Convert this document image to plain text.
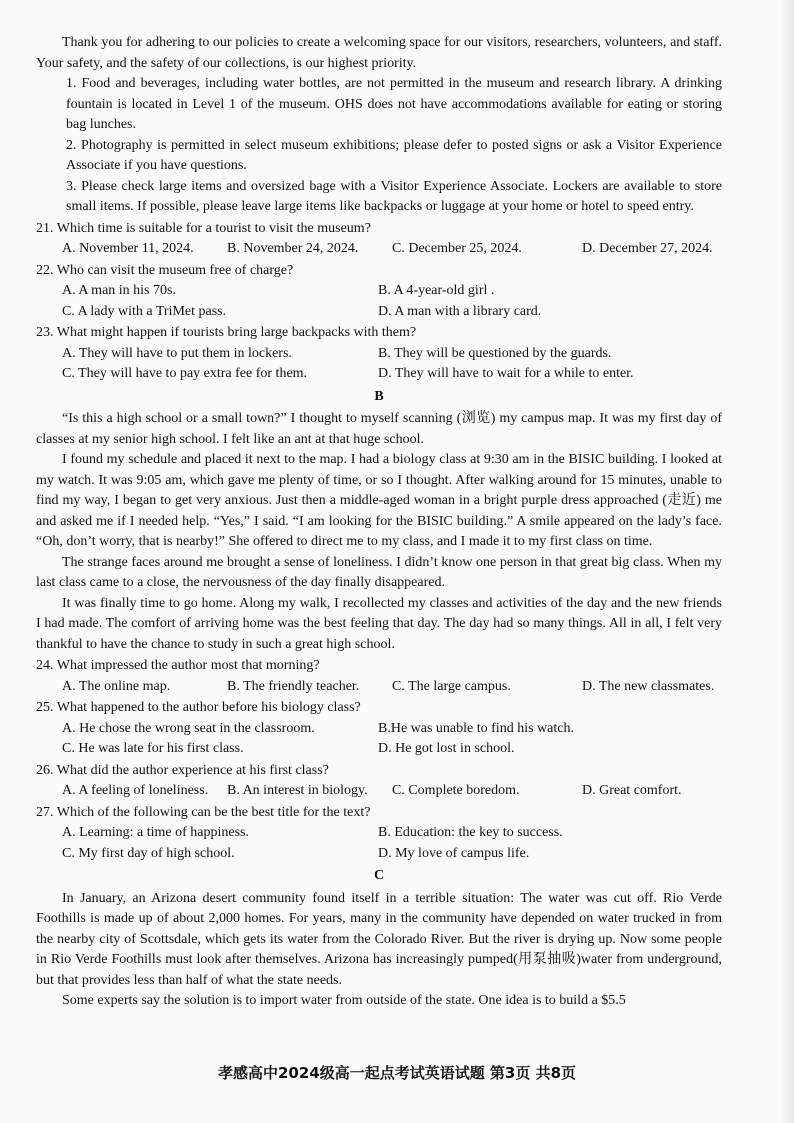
Thank you for adhering to our policies to create a welcoming space for our visitors, researchers, volunteers, and staff. Your safety, and the safety of our collections, is our highest priority.

1. Food and beverages, including water bottles, are not permitted in the museum and research library. A drinking fountain is located in Level 1 of the museum. OHS does not have accommodations available for eating or storing bag lunches.

2. Photography is permitted in select museum exhibitions; please defer to posted signs or ask a Visitor Experience Associate if you have questions.

3. Please check large items and oversized bage with a Visitor Experience Associate. Lockers are available to store small items. If possible, please leave large items like backpacks or luggage at your home or hotel to speed entry.

21. Which time is suitable for a tourist to visit the museum?

A. November 11, 2024.	B. November 24, 2024.	C. December 25, 2024.	D. December 27, 2024.

22. Who can visit the museum free of charge?

A. A man in his 70s.	B. A 4-year-old girl .
C. A lady with a TriMet pass.	D. A man with a library card.

23. What might happen if tourists bring large backpacks with them?

A. They will have to put them in lockers.	B. They will be questioned by the guards.
C. They will have to pay extra fee for them.	D. They will have to wait for a while to enter.

B

“Is this a high school or a small town?” I thought to myself scanning (浏览) my campus map. It was my first day of classes at my senior high school. I felt like an ant at that huge school.

I found my schedule and placed it next to the map. I had a biology class at 9:30 am in the BISIC building. I looked at my watch. It was 9:05 am, which gave me plenty of time, or so I thought. After walking around for 15 minutes, unable to find my way, I began to get very anxious. Just then a middle-aged woman in a bright purple dress approached (走近) me and asked me if I needed help. “Yes,” I said. “I am looking for the BISIC building.” A smile appeared on the lady’s face. “Oh, don’t worry, that is nearby!” She offered to direct me to my class, and I made it to my first class on time.

The strange faces around me brought a sense of loneliness. I didn’t know one person in that great big class. When my last class came to a close, the nervousness of the day finally disappeared.

It was finally time to go home. Along my walk, I recollected my classes and activities of the day and the new friends I had made. The comfort of arriving home was the best feeling that day. The day had so many things. All in all, I felt very thankful to have the chance to study in such a great high school.

24. What impressed the author most that morning?

A. The online map.	B. The friendly teacher.	C. The large campus.	D. The new classmates.

25. What happened to the author before his biology class?

A. He chose the wrong seat in the classroom.	B.He was unable to find his watch.
C. He was late for his first class.	D. He got lost in school.

26. What did the author experience at his first class?

A. A feeling of loneliness.	B. An interest in biology.	C. Complete boredom.	D. Great comfort.

27. Which of the following can be the best title for the text?

A. Learning: a time of happiness.	B. Education: the key to success.
C. My first day of high school.	D. My love of campus life.

C

In January, an Arizona desert community found itself in a terrible situation: The water was cut off. Rio Verde Foothills is made up of about 2,000 homes. For years, many in the community have depended on water trucked in from the nearby city of Scottsdale, which gets its water from the Colorado River. But the river is drying up. Now some people in Rio Verde Foothills must look after themselves. Arizona has increasingly pumped(用泵抽吸)water from underground, but that provides less than half of what the state needs.

Some experts say the solution is to import water from outside of the state. One idea is to build a $5.5

孝感高中2024级高一起点考试英语试题 第3页 共8页
